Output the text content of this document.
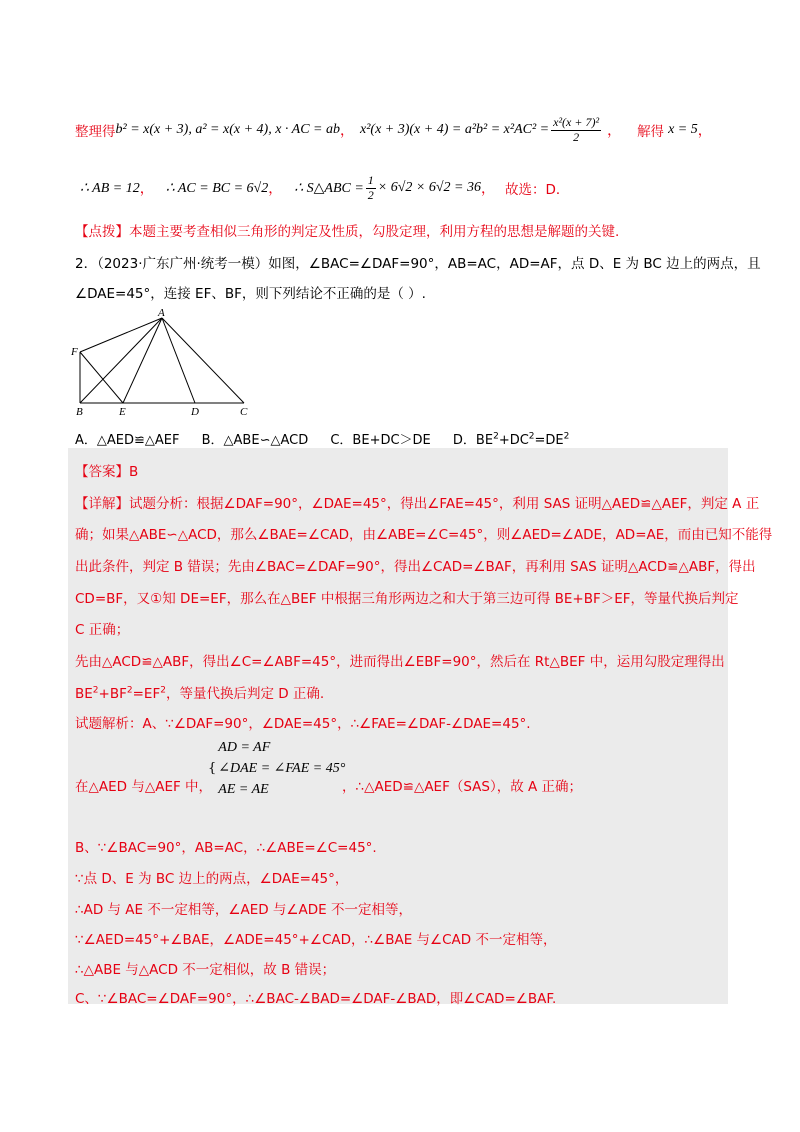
整理得 b² = x(x + 3), a² = x(x + 4), x · AC = ab ， $x^2(x + 3)(x + 4) = a^2b^2 = x^2AC^2 = \frac{\text{x²(x + 7)²}}{2}$ ， 解得 x = 5 ，
∴ AB = 12 ， ∴ AC = BC = 6√2 ， ∴ S△ABC = $\frac{1}{2} \times 6√2 \times 6√2 = 36$ ， 故选：D．
【点拨】本题主要考查相似三角形的判定及性质，勾股定理，利用方程的思想是解题的关键.
2．（2023·广东广州·统考一模）如图，∠BAC=∠DAF=90°，AB=AC，AD=AF，点 D、E 为 BC 边上的两点，且
∠DAE=45°，连接 EF、BF，则下列结论不正确的是（ ）.
A
F
B	E	D	C
A．△AED≌△AEF B．△ABE∽△ACD C．BE+DC＞DE D．$BE^2+DC^2=DE^2$
【答案】B
【详解】试题分析：根据∠DAF=90°，∠DAE=45°，得出∠FAE=45°，利用 SAS 证明△AED≌△AEF，判定 A 正
确；如果△ABE∽△ACD，那么∠BAE=∠CAD，由∠ABE=∠C=45°，则∠AED=∠ADE，AD=AE，而由已知不能得
出此条件，判定 B 错误；先由∠BAC=∠DAF=90°，得出∠CAD=∠BAF，再利用 SAS 证明△ACD≌△ABF，得出
CD=BF，又①知 DE=EF，那么在△BEF 中根据三角形两边之和大于第三边可得 BE+BF＞EF，等量代换后判定
C 正确；
先由△ACD≌△ABF，得出∠C=∠ABF=45°，进而得出∠EBF=90°，然后在 Rt△BEF 中，运用勾股定理得出
$BE^2+BF^2=EF^2$，等量代换后判定 D 正确.
试题解析：A、∵∠DAF=90°，∠DAE=45°，∴∠FAE=∠DAF-∠DAE=45°.
在△AED 与△AEF 中，
{
AD = AF
∠DAE = ∠FAE = 45°
AE = AE	，∴△AED≌△AEF（SAS），故 A 正确；
B、∵∠BAC=90°，AB=AC，∴∠ABE=∠C=45°.
∵点 D、E 为 BC 边上的两点，∠DAE=45°，
∴AD 与 AE 不一定相等，∠AED 与∠ADE 不一定相等，
∵∠AED=45°+∠BAE，∠ADE=45°+∠CAD，∴∠BAE 与∠CAD 不一定相等，
∴△ABE 与△ACD 不一定相似，故 B 错误；
C、∵∠BAC=∠DAF=90°，∴∠BAC-∠BAD=∠DAF-∠BAD，即∠CAD=∠BAF.
